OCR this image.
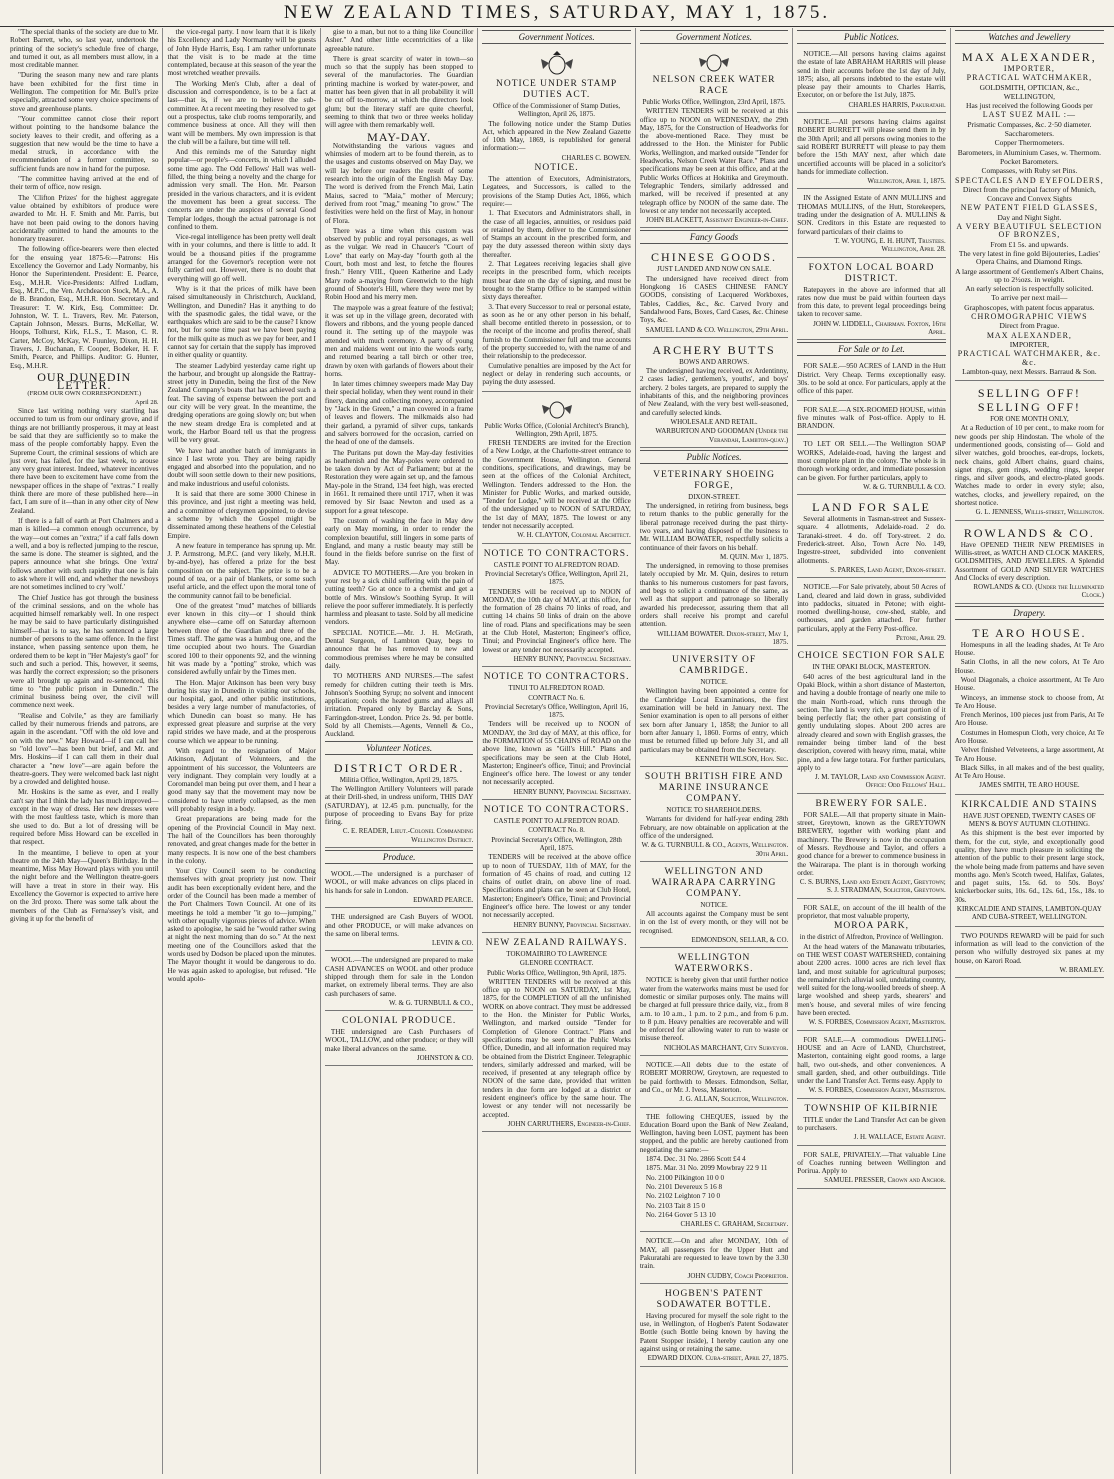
NEW ZEALAND TIMES, SATURDAY, MAY 1, 1875.

"The special thanks of the society are due to Mr. Robert Barrett, who, so last year, undertook the printing of the society's schedule free of charge, and turned it out, as all members must allow, in a most creditable manner.

"During the season many new and rare plants have been exhibited for the first time in Wellington. The competition for Mr. Bull's prize especially, attracted some very choice specimens of stove and greenhouse plants.

"Your committee cannot close their report without pointing to the handsome balance the society leaves to their credit, and offering as a suggestion that new would be the time to have a medal struck, in accordance with the recommendation of a former committee, so sufficient funds are now in hand for the purpose.

"The committee having arrived at the end of their term of office, now resign.

The 'Clifton Prizes' for the highest aggregate value obtained by exhibitors of produce were awarded to Mr. H. F. Smith and Mr. Parris, but have not been paid owing to the donors having accidentally omitted to hand the amounts to the honorary treasurer.

The following office-bearers were then elected for the ensuing year 1875-6:—Patrons: His Excellency the Governor and Lady Normanby, his Honor the Superintendent. President: E. Pearce, Esq., M.H.R. Vice-Presidents: Alfred Ludlam, Esq., M.P.C., the Ven. Archdeacon Stock, M.A., A. de B. Brandon, Esq., M.H.R. Hon. Secretary and Treasurer: T. W. Kirk, Esq. Committee: Dr. Johnston, W. T. L. Travers, Rev. Mr. Paterson, Captain Johnson, Messrs. Burns, McKellar, W. Hoops, Tolhurst, Kirk, F.L.S., T. Mason, C. R. Carter, McCoy, McKay, W. Fuunley, Dixon, H. H. Travers, J. Buchanan, F. Cooper, Bodeker, H. F. Smith, Pearce, and Phillips. Auditor: G. Hunter, Esq., M.H.R.

OUR DUNEDIN LETTER.
(FROM OUR OWN CORRESPONDENT.)
April 28.

Since last writing nothing very startling has occurred to turn us from our ordinary grove, and if things are not brilliantly prosperous, it may at least be said that they are sufficiently so to make the mass of the people comfortably happy. Even the Supreme Court, the criminal sessions of which are just over, has failed, for the last week, to arouse any very great interest. Indeed, whatever incentives there have been to excitement have come from the newspaper offices in the shape of "extras." I really think there are more of these published here—in fact, I am sure of it—than in any other city of New Zealand.

If there is a fall of earth at Port Chalmers and a man is killed—a common enough occurrence, by the way—out comes an "extra;" if a calf falls down a well, and a boy is reflected jumping to the rescue, the same is done. The steamer is sighted, and the papers announce what she brings. One 'extra' follows another with such rapidity that one is fain to ask where it will end, and whether the newsboys are not sometimes inclined to cry 'wolf.'

The Chief Justice has got through the business of the criminal sessions, and on the whole has acquitted himself remarkably well. In one respect he may be said to have particularly distinguished himself—that is to say, he has sentenced a large number of persons to the same offence. In the first instance, when passing sentence upon them, he ordered them to be kept in "Her Majesty's gaol" for such and such a period. This, however, it seems, was hardly the correct expression; so the prisoners were all brought up again and re-sentenced, this time to "the public prison in Dunedin." The criminal business being over, the civil will commence next week.

"Realise and Colvile," as they are familiarly called by their numerous friends and patrons, are again in the ascendant. "Off with the old love and on with the new." May Howard—if I can call her so "old love"—has been but brief, and Mr. and Mrs. Hoskins—if I can call them in their dual character a "new love"—are again before the theatre-goers. They were welcomed back last night by a crowded and delighted house.

Mr. Hoskins is the same as ever, and I really can't say that I think the lady has much improved—except in the way of dress. Her new dresses were with the most faultless taste, which is more than she used to do. But a lot of dressing will be required before Miss Howard can be excelled in that respect.

In the meantime, I believe to open at your theatre on the 24th May—Queen's Birthday. In the meantime, Miss May Howard plays with you until the night before and the Wellington theatre-goers will have a treat in store in their way. His Excellency the Governor is expected to arrive here on the 3rd proxo. There was some talk about the members of the Club as Ferna'ssey's visit, and giving it up for the benefit of

the vice-regal party. I now learn that it is likely his Excellency and Lady Normanby will be guests of John Hyde Harris, Esq. I am rather unfortunate that the visit is to be made at the time contemplated, because at this season of the year the most wretched weather prevails.

The Working Men's Club, after a deal of discussion and correspondence, is to be a fact at last—that is, if we are to believe the sub-committee. At a recent meeting they resolved to get out a prospectus, take club rooms temporarily, and commence business at once. All they will then want will be members. My own impression is that the club will be a failure, but time will tell.

And this reminds me of the Saturday night popular—or people's—concerts, in which I alluded some time ago. The Odd Fellows' Hall was well-filled, the thing being a novelty and the charge for admission very small. The Hon. Mr. Pearson presided in the various characters, and it is evident the movement has been a great success. The concerts are under the auspices of several Good Templar lodges, though the actual patronage is not confined to them.

Vice-regal intelligence has been pretty well dealt with in your columns, and there is little to add. It would be a thousand pities if the programme arranged for the Governor's reception were not fully carried out. However, there is no doubt that everything will go off well.

Why is it that the prices of milk have been raised simultaneously in Christchurch, Auckland, Wellington, and Dunedin? Has it anything to do with the spasmodic gales, the tidal wave, or the earthquakes which are said to be the cause? I know not, but for some time past we have been paying for the milk quite as much as we pay for beer, and I cannot say for certain that the supply has improved in either quality or quantity.

The steamer Ladybird yesterday came right up the harbour, and brought up alongside the Rattray-street jetty in Dunedin, being the first of the New Zealand Company's boats that has achieved such a feat. The saving of expense between the port and our city will be very great. In the meantime, the dredging operations are going slowly on; but when the new steam dredge Era is completed and at work, the Harbor Board tell us that the progress will be very great.

We have had another batch of immigrants in since I last wrote you. They are being rapidly engaged and absorbed into the population, and no doubt will soon settle down to their new positions, and make industrious and useful colonists.

It is said that there are some 3000 Chinese in this province, and just right a meeting was held, and a committee of clergymen appointed, to devise a scheme by which the Gospel might be disseminated among these heathens of the Celestial Empire.

A new feature in temperance has sprung up. Mr. J. P. Armstrong, M.P.C. (and very likely, M.H.R. by-and-bye), has offered a prize for the best composition on the subject. The prize is to be a pound of tea, or a pair of blankets, or some such useful article, and the effect upon the moral tone of the community cannot fail to be beneficial.

One of the greatest "mud" matches of billiards ever known in this city—or I should think anywhere else—came off on Saturday afternoon between three of the Guardian and three of the Times staff. The game was a humbug one, and the time occupied about two hours. The Guardian scored 100 to their opponents 92, and the winning hit was made by a "potting" stroke, which was considered awfully unfair by the Times men.

The Hon. Major Atkinson has been very busy during his stay in Dunedin in visiting our schools, our hospital, gaol, and other public institutions, besides a very large number of manufactories, of which Dunedin can boast so many. He has expressed great pleasure and surprise at the very rapid strides we have made, and at the prosperous course which we appear to be running.

With regard to the resignation of Major Atkinson, Adjutant of Volunteers, and the appointment of his successor, the Volunteers are very indignant. They complain very loudly at a Coromandel man being put over them, and I hear a good many say that the movement may now be considered to have utterly collapsed, as the men will probably resign in a body.

Great preparations are being made for the opening of the Provincial Council in May next. The hall of the Councillors has been thoroughly renovated, and great changes made for the better in many respects. It is now one of the best chambers in the colony.

Your City Council seem to be conducting themselves with great propriety just now. Their audit has been exceptionally evident here, and the order of the Council has been made a member of the Port Chalmers Town Council. At one of its meetings he told a member "it go to—jumping," with other equally vigorous pieces of advice. When asked to apologise, he said he "would rather swing at night the next morning than do so." At the next meeting one of the Councillors asked that the words used by Dodson be placed upon the minutes. The Mayor thought it would be dangerous to do. He was again asked to apologise, but refused. "He would apolo-

gise to a man, but not to a thing like Councillor Asher." And other little eccentricities of a like agreeable nature.

There is great scarcity of water in town—so much so that the supply has been stopped to several of the manufactories. The Guardian printing machine is worked by water-power, and matter has been given that in all probability it will be cut off to-morrow, at which the directors look glum; but the literary staff are quite cheerful, seeming to think that two or three weeks holiday will agree with them remarkably well.

MAY-DAY.

Notwithstanding the various vagues and whimsies of modern art to be found therein, as to the usages and customs observed on May Day, we will lay before our readers the result of some research into the origin of the English May Day. The word is derived from the French Mai, Latin Maius, sacred to "Maia," mother of Mercury; derived from root "mag," meaning "to grow." The festivities were held on the first of May, in honour of Flora.

There was a time when this custom was observed by public and royal personages, as well as the vulgar. We read in Chaucer's "Court of Love" that early on May-day "fourth goth al the Court, both most and lest, to fetche the floures fresh." Henry VIII., Queen Katherine and Lady Mary rode a-maying from Greenwich to the high ground of Shooter's Hill, where they were met by Robin Hood and his merry men.

The maypole was a great feature of the festival; it was set up in the village green, decorated with flowers and ribbons, and the young people danced round it. The setting up of the maypole was attended with much ceremony. A party of young men and maidens went out into the woods early, and returned bearing a tall birch or other tree, drawn by oxen with garlands of flowers about their horns.

In later times chimney sweepers made May Day their special holiday, when they went round in their finery, dancing and collecting money, accompanied by "Jack in the Green," a man covered in a frame of leaves and flowers. The milkmaids also had their garland, a pyramid of silver cups, tankards and salvers borrowed for the occasion, carried on the head of one of the damsels.

The Puritans put down the May-day festivities as heathenish and the May-poles were ordered to be taken down by Act of Parliament; but at the Restoration they were again set up, and the famous May-pole in the Strand, 134 feet high, was erected in 1661. It remained there until 1717, when it was removed by Sir Isaac Newton and used as a support for a great telescope.

The custom of washing the face in May dew early on May morning, in order to render the complexion beautiful, still lingers in some parts of England, and many a rustic beauty may still be found in the fields before sunrise on the first of May.

ADVICE TO MOTHERS.—Are you broken in your rest by a sick child suffering with the pain of cutting teeth? Go at once to a chemist and get a bottle of Mrs. Winslow's Soothing Syrup. It will relieve the poor sufferer immediately. It is perfectly harmless and pleasant to taste. Sold by all medicine vendors.

SPECIAL NOTICE.—Mr. J. H. McGrath, Dental Surgeon, of Lambton Quay, begs to announce that he has removed to new and commodious premises where he may be consulted daily.

TO MOTHERS AND NURSES.—The safest remedy for children cutting their teeth is Mrs. Johnson's Soothing Syrup; no solvent and innocent application; cools the heated gums and allays all irritation. Prepared only by Barclay & Sons, Farringdon-street, London. Price 2s. 9d. per bottle. Sold by all Chemists.—Agents, Vennell & Co., Auckland.

Volunteer Notices.
DISTRICT ORDER.
Militia Office, Wellington, April 29, 1875.
The Wellington Artillery Volunteers will parade at their Drill-shed, in undress uniform, THIS DAY (SATURDAY), at 12.45 p.m. punctually, for the purpose of proceeding to Evans Bay for prize firing.
C. E. READER, Lieut.-Colonel Commanding Wellington District.
Produce.
WOOL.—The undersigned is a purchaser of WOOL, or will make advances on clips placed in his hands for sale in London.
EDWARD PEARCE.
THE undersigned are Cash Buyers of WOOL and other PRODUCE, or will make advances on the same on liberal terms.
LEVIN & CO.
WOOL.—The undersigned are prepared to make CASH ADVANCES on WOOL and other produce shipped through them for sale in the London market, on extremely liberal terms. They are also cash purchasers of same.
W. & G. TURNBULL & CO.,
COLONIAL PRODUCE.
THE undersigned are Cash Purchasers of WOOL, TALLOW, and other produce; or they will make liberal advances on the same.
JOHNSTON & CO.
Government Notices.
NOTICE UNDER STAMP DUTIES ACT.
Office of the Commissioner of Stamp Duties, Wellington, April 26, 1875.
The following notice under the Stamp Duties Act, which appeared in the New Zealand Gazette of 10th May, 1869, is republished for general information:—
CHARLES C. BOWEN.
NOTICE.
The attention of Executors, Administrators, Legatees, and Successors, is called to the provisions of the Stamp Duties Act, 1866, which require:—
1. That Executors and Administrators shall, in the case of all legacies, annuities, or residues paid or retained by them, deliver to the Commissioner of Stamps an account in the prescribed form, and pay the duty assessed thereon within sixty days thereafter.
2. That Legatees receiving legacies shall give receipts in the prescribed form, which receipts must bear date on the day of signing, and must be brought to the Stamp Office to be stamped within sixty days thereafter.
3. That every Successor to real or personal estate, as soon as he or any other person in his behalf, shall become entitled thereto in possession, or to the receipt of the income and profits thereof, shall furnish to the Commissioner full and true accounts of the property succeeded to, with the name of and their relationship to the predecessor.
Cumulative penalties are imposed by the Act for neglect or delay in rendering such accounts, or paying the duty assessed.
Public Works Office, (Colonial Architect's Branch), Wellington, 29th April, 1875.
FRESH TENDERS are invited for the Erection of a New Lodge, at the Charlotte-street entrance to the Government House, Wellington. General conditions, specifications, and drawings, may be seen at the offices of the Colonial Architect, Wellington. Tenders addressed to the Hon. the Minister for Public Works, and marked outside, "Tender for Lodge," will be received at the Office of the undersigned up to NOON of SATURDAY, the 1st day of MAY, 1875. The lowest or any tender not necessarily accepted.
W. H. CLAYTON, Colonial Architect.
NOTICE TO CONTRACTORS.
CASTLE POINT TO ALFREDTON ROAD.
Provincial Secretary's Office, Wellington, April 21, 1875.
TENDERS will be received up to NOON of MONDAY, the 10th day of MAY, at this office, for the formation of 28 chains 70 links of road, and cutting 14 chains 50 links of drain on the above line of road. Plans and specifications may be seen at the Club Hotel, Masterton; Engineer's office, Tinui; and Provincial Engineer's office here. The lowest or any tender not necessarily accepted.
HENRY BUNNY, Provincial Secretary.
NOTICE TO CONTRACTORS.
TINUI TO ALFREDTON ROAD.
CONTRACT No. 6.
Provincial Secretary's Office, Wellington, April 16, 1875.
Tenders will be received up to NOON of MONDAY, the 3rd day of MAY, at this office, for the FORMATION of 55 CHAINS of ROAD on the above line, known as "Gill's Hill." Plans and specifications may be seen at the Club Hotel, Masterton; Engineer's office, Tinui; and Provincial Engineer's office here. The lowest or any tender not necessarily accepted.
HENRY BUNNY, Provincial Secretary.
NOTICE TO CONTRACTORS.
CASTLE POINT TO ALFREDTON ROAD.
CONTRACT No. 8.
Provincial Secretary's Office, Wellington, 28th April, 1875.
TENDERS will be received at the above office up to noon of TUESDAY, 11th of MAY, for the formation of 45 chains of road, and cutting 12 chains of outlet drain, on above line of road. Specifications and plans can be seen at Club Hotel, Masterton; Engineer's Office, Tinui; and Provincial Engineer's office here. The lowest or any tender not necessarily accepted.
HENRY BUNNY, Provincial Secretary.
NEW ZEALAND RAILWAYS.
TOKOMAIRIRO TO LAWRENCE
GLENORE CONTRACT.
Public Works Office, Wellington, 9th April, 1875.
WRITTEN TENDERS will be received at this office up to NOON on SATURDAY, 1st May, 1875, for the COMPLETION of all the unfinished WORK on above contract. They must be addressed to the Hon. the Minister for Public Works, Wellington, and marked outside "Tender for Completion of Glenore Contract." Plans and specifications may be seen at the Public Works Office, Dunedin, and all information required may be obtained from the District Engineer. Telegraphic tenders, similarly addressed and marked, will be received, if presented at any telegraph office by NOON of the same date, provided that written tenders in due form are lodged at a district or resident engineer's office by the same hour. The lowest or any tender will not necessarily be accepted.
JOHN CARRUTHERS, Engineer-in-Chief.
Government Notices.
NELSON CREEK WATER RACE
Public Works Office, Wellington, 23rd April, 1875.
WRITTEN TENDERS will be received at this office up to NOON on WEDNESDAY, the 29th May, 1875, for the Construction of Headworks for the above-mentioned Race. They must be addressed to the Hon. the Minister for Public Works, Wellington, and marked outside "Tender for Headworks, Nelson Creek Water Race." Plans and specifications may be seen at this office, and at the Public Works Offices at Hokitika and Greymouth. Telegraphic Tenders, similarly addressed and marked, will be received if presented at any telegraph office by NOON of the same date. The lowest or any tender not necessarily accepted.
JOHN BLACKETT, Assistant Engineer-in-Chief.
Fancy Goods
CHINESE GOODS.
JUST LANDED AND NOW ON SALE.
The undersigned have received direct from Hongkong 16 CASES CHINESE FANCY GOODS, consisting of Lacquered Workboxes, Tables, Caddies, &c., &c. Carved Ivory and Sandalwood Fans, Boxes, Card Cases, &c. Chinese Toys, &c.
SAMUEL LAND & CO. Wellington, 29th April.
ARCHERY BUTTS
BOWS AND ARROWS.
The undersigned having received, ex Ardentinny, 2 cases ladies', gentlemen's, youths', and boys' archery. 2 boles targets, are prepared to supply the inhabitants of this, and the neighboring provinces of New Zealand, with the very best well-seasoned, and carefully selected kinds.
WHOLESALE AND RETAIL.
WARBURTON AND GOODMAN (Under the Verandah, Lambton-quay.)
Public Notices.
VETERINARY SHOEING FORGE,
DIXON-STREET.
The undersigned, in retiring from business, begs to return thanks to the public generally for the liberal patronage received during the past thirty-two years, and having disposed of the business to Mr. WILLIAM BOWATER, respectfully solicits a continuance of their favors on his behalf.
M. QUIN. May 1, 1875.
The undersigned, in removing to those premises lately occupied by Mr. M. Quin, desires to return thanks to his numerous customers for past favors, and begs to solicit a continuance of the same, as well as that support and patronage so liberally awarded his predecessor, assuring them that all orders shall receive his prompt and careful attention.
WILLIAM BOWATER. Dixon-street, May 1, 1875.
UNIVERSITY OF CAMBRIDGE.
NOTICE.
Wellington having been appointed a centre for the Cambridge Local Examinations, the first examination will be held in January next. The Senior examination is open to all persons of either sex born after January 1, 1858; the Junior to all born after January 1, 1860. Forms of entry, which must be returned filled up before July 31, and all particulars may be obtained from the Secretary.
KENNETH WILSON, Hon. Sec.
SOUTH BRITISH FIRE AND MARINE INSURANCE COMPANY.
NOTICE TO SHAREHOLDERS.
Warrants for dividend for half-year ending 28th February, are now obtainable on application at the office of the undersigned.
W. & G. TURNBULL & CO., Agents, Wellington. 30th April.
WELLINGTON AND WAIRARAPA CARRYING COMPANY.
NOTICE.
All accounts against the Company must be sent in on the 1st of every month, or they will not be recognised.
EDMONDSON, SELLAR, & CO.
WELLINGTON WATERWORKS.
NOTICE is hereby given that until further notice water from the waterworks mains must be used for domestic or similar purposes only. The mains will be charged at full pressure thrice daily, viz., from 8 a.m. to 10 a.m., 1 p.m. to 2 p.m., and from 6 p.m. to 8 p.m. Heavy penalties are recoverable and will be enforced for allowing water to run to waste or misuse thereof.
NICHOLAS MARCHANT, City Surveyor.
NOTICE.—All debts due to the estate of ROBERT MORROW, Greytown, are requested to be paid forthwith to Messrs. Edmondson, Sellar, and Co., or Mr. J. Ivess, Masterton.
J. G. ALLAN, Solicitor, Wellington.
THE following CHEQUES, issued by the Education Board upon the Bank of New Zealand, Wellington, having been LOST, payment has been stopped, and the public are hereby cautioned from negotiating the same:—
1874. Dec. 31 No. 2866 Scott £4 4
1875. Mar. 31 No. 2099 Mowbray 22 9 11
No. 2100 Pilkington 10 0 0
No. 2101 Devereux 5 16 8
No. 2102 Leighton 7 10 0
No. 2103 Tait 8 15 0
No. 2164 Gover 5 13 10
CHARLES C. GRAHAM, Secretary.
NOTICE.—On and after MONDAY, 10th of MAY, all passengers for the Upper Hutt and Pakuratahi are requested to leave town by the 3.30 train.
JOHN CUDBY, Coach Proprietor.
HOGBEN'S PATENT SODAWATER BOTTLE.
Having procured for myself the sole right to the use, in Wellington, of Hogben's Patent Sodawater Bottle (such Bottle being known by having the Patent Stopper inside), I hereby caution any one against using or retaining the same.
EDWARD DIXON. Cuba-street, April 27, 1875.
Public Notices.
NOTICE.—All persons having claims against the estate of late ABRAHAM HARRIS will please send in their accounts before the 1st day of July, 1875; also, all persons indebted to the estate will please pay their amounts to Charles Harris, Executor, on or before the 1st July, 1875.
CHARLES HARRIS, Pakuratahi.
NOTICE.—All persons having claims against ROBERT BURRETT will please send them in by the 30th April; and all persons owing monies to the said ROBERT BURRETT will please to pay them before the 15th MAY next, after which date uncertified accounts will be placed in a solicitor's hands for immediate collection.
Wellington, April 1, 1875.
IN the Assigned Estate of ANN MULLINS and THOMAS MULLINS, of the Hutt, Storekeepers, trading under the designation of A. MULLINS & SON. Creditors in this Estate are requested to forward particulars of their claims to
T. W. YOUNG, E. H. HUNT, Trustees. Wellington, April 28.
FOXTON LOCAL BOARD DISTRICT.
Ratepayers in the above are informed that all rates now due must be paid within fourteen days from this date, to prevent legal proceedings being taken to recover same.
JOHN W. LIDDELL, Chairman. Foxton, 16th April.
For Sale or to Let.
FOR SALE.—950 ACRES of LAND in the Hutt District. Very Cheap. Terms exceptionally easy. 30s. to be sold at once. For particulars, apply at the office of this paper.
FOR SALE.—A SIX-ROOMED HOUSE, within five minutes walk of Post-office. Apply to H. BRANDON.
TO LET OR SELL.—The Wellington SOAP WORKS, Adelaide-road, having the largest and most complete plant in the colony. The whole is in thorough working order, and immediate possession can be given. For further particulars, apply to
W. & G. TURNBULL & CO.
LAND FOR SALE
Several allotments in Tasman-street and Sussex-square. 4 allotments, Adelaide-road. 2 do. Taranaki-street. 4 do. off Tory-street. 2 do. Frederick-street. Also, Town Acre No. 149, Ingestre-street, subdivided into convenient allotments.
S. PARKES, Land Agent, Dixon-street.
NOTICE.—For Sale privately, about 50 Acres of Land, cleared and laid down in grass, subdivided into paddocks, situated in Petone; with eight-roomed dwelling-house, cow-shed, stable, and outhouses, and garden attached. For further particulars, apply at the Ferry Post-office.
Petone, April 29.
CHOICE SECTION FOR SALE
IN THE OPAKI BLOCK, MASTERTON.
640 acres of the best agricultural land in the Opaki Block, within a short distance of Masterton, and having a double frontage of nearly one mile to the main North-road, which runs through the section. The land is very rich, a great portion of it being perfectly flat; the other part consisting of gently undulating slopes. About 200 acres are already cleared and sown with English grasses, the remainder being timber land of the best description, covered with heavy rimu, matai, white pine, and a few large totara. For further particulars, apply to
J. M. TAYLOR, Land and Commission Agent. Office: Odd Fellows' Hall.
BREWERY FOR SALE.
FOR SALE.—All that property situate in Main-street, Greytown, known as the GREYTOWN BREWERY, together with working plant and machinery. The Brewery is now in the occupation of Messrs. Reydhouse and Taylor, and offers a good chance for a brewer to commence business in the Wairarapa. The plant is in thorough working order.
C. S. BURNS, Land and Estate Agent, Greytown; S. J. STRADMAN, Solicitor, Greytown.
FOR SALE, on account of the ill health of the proprietor, that most valuable property,
MOROA PARK,
in the district of Alfredton, Province of Wellington.
At the head waters of the Manawatu tributaries, on THE WEST COAST WATERSHED, containing about 2200 acres. 1000 acres are rich level flax land, and most suitable for agricultural purposes; the remainder rich alluvial soil, undulating country, well suited for the long-woolled breeds of sheep. A large woolshed and sheep yards, shearers' and men's house, and several miles of wire fencing have been erected.
W. S. FORBES, Commission Agent, Masterton.
FOR SALE.—A commodious DWELLING-HOUSE and an Acre of LAND, Churchstreet, Masterton, containing eight good rooms, a large hall, two out-sheds, and other conveniences. A small garden, shed, and other outbuildings. Title under the Land Transfer Act. Terms easy. Apply to
W. S. FORBES, Commission Agent, Masterton.
TOWNSHIP OF KILBIRNIE
TITLE under the Land Transfer Act can be given to purchasers.
J. H. WALLACE, Estate Agent.
FOR SALE, PRIVATELY.—That valuable Line of Coaches running between Wellington and Porirua. Apply to
SAMUEL PRESSER, Crown and Anchor.
Watches and Jewellery
MAX ALEXANDER,
IMPORTER,
PRACTICAL WATCHMAKER,
GOLDSMITH, OPTICIAN, &c.,
WELLINGTON,
Has just received the following Goods per
LAST SUEZ MAIL :—
Prismatic Compasses, &c. 2·50 diameter.
Saccharometers.
Copper Thermometers.
Barometers, in Aluminium Cases, w. Thermom.
Pocket Barometers.
Compasses, with Ruby set Pins.
SPECTACLES AND EYEFOLDERS,
Direct from the principal factory of Munich,
Concave and Convex Sights
NEW PATENT FIELD GLASSES,
Day and Night Sight.
A VERY BEAUTIFUL SELECTION OF BRONZES,
From £1 5s. and upwards.
The very latest in fine gold Bijouteries, Ladies' Opera Chains, and Diamond Rings.
A large assortment of Gentlemen's Albert Chains, up to 2½ozs. in weight.
An early selection is respectfully solicited.
To arrive per next mail—
Graphoscopes, with patent focus apparatus.
CHROMOGRAPHIC VIEWS
Direct from Prague.
MAX ALEXANDER,
IMPORTER,
PRACTICAL WATCHMAKER, &c. &c.
Lambton-quay, next Messrs. Barraud & Son.
SELLING OFF! SELLING OFF!
FOR ONE MONTH ONLY,
At a Reduction of 10 per cent., to make room for new goods per ship Hindostan. The whole of the undermentioned goods, consisting of— Gold and silver watches, gold brooches, ear-drops, lockets, neck chains, gold Albert chains, guard chains, signet rings, gem rings, wedding rings, keeper rings, and silver goods, and electro-plated goods. Watches made to order in every style; also, watches, clocks, and jewellery repaired, on the shortest notice.
G. L. JENNESS, Willis-street, Wellington.
ROWLANDS & CO.
Have OPENED THEIR NEW PREMISES in Willis-street, as WATCH AND CLOCK MAKERS, GOLDSMITHS, AND JEWELLERS. A Splendid Assortment of GOLD AND SILVER WATCHES And Clocks of every description.
ROWLANDS & CO. (Under the Illuminated Clock.)
Drapery.
TE ARO HOUSE.
Homespuns in all the leading shades, At Te Aro House.
Satin Cloths, in all the new colors, At Te Aro House.
Wool Diagonals, a choice assortment, At Te Aro House.
Winceys, an immense stock to choose from, At Te Aro House.
French Merinos, 100 pieces just from Paris, At Te Aro House.
Costumes in Homespun Cloth, very choice, At Te Aro House.
Velvet finished Velveteens, a large assortment, At Te Aro House.
Black Silks, in all makes and of the best quality, At Te Aro House.
JAMES SMITH, TE ARO HOUSE.
KIRKCALDIE AND STAINS
HAVE JUST OPENED, TWENTY CASES OF MEN'S & BOYS' AUTUMN CLOTHING.
As this shipment is the best ever imported by them, for the cut, style, and exceptionally good quality, they have much pleasure in soliciting the attention of the public to their present large stock, the whole being made from patterns and have seven months ago. Men's Scotch tweed, Halifax, Galates, and paget suits, 15s. 6d. to 50s. Boys' knickerbocker suits, 10s. 6d., 12s. 6d., 15s., 18s. to 30s.
KIRKCALDIE AND STAINS, LAMBTON-QUAY AND CUBA-STREET, WELLINGTON.
TWO POUNDS REWARD will be paid for such information as will lead to the conviction of the person who wilfully destroyed six panes at my house, on Karori Road.
W. BRAMLEY.
